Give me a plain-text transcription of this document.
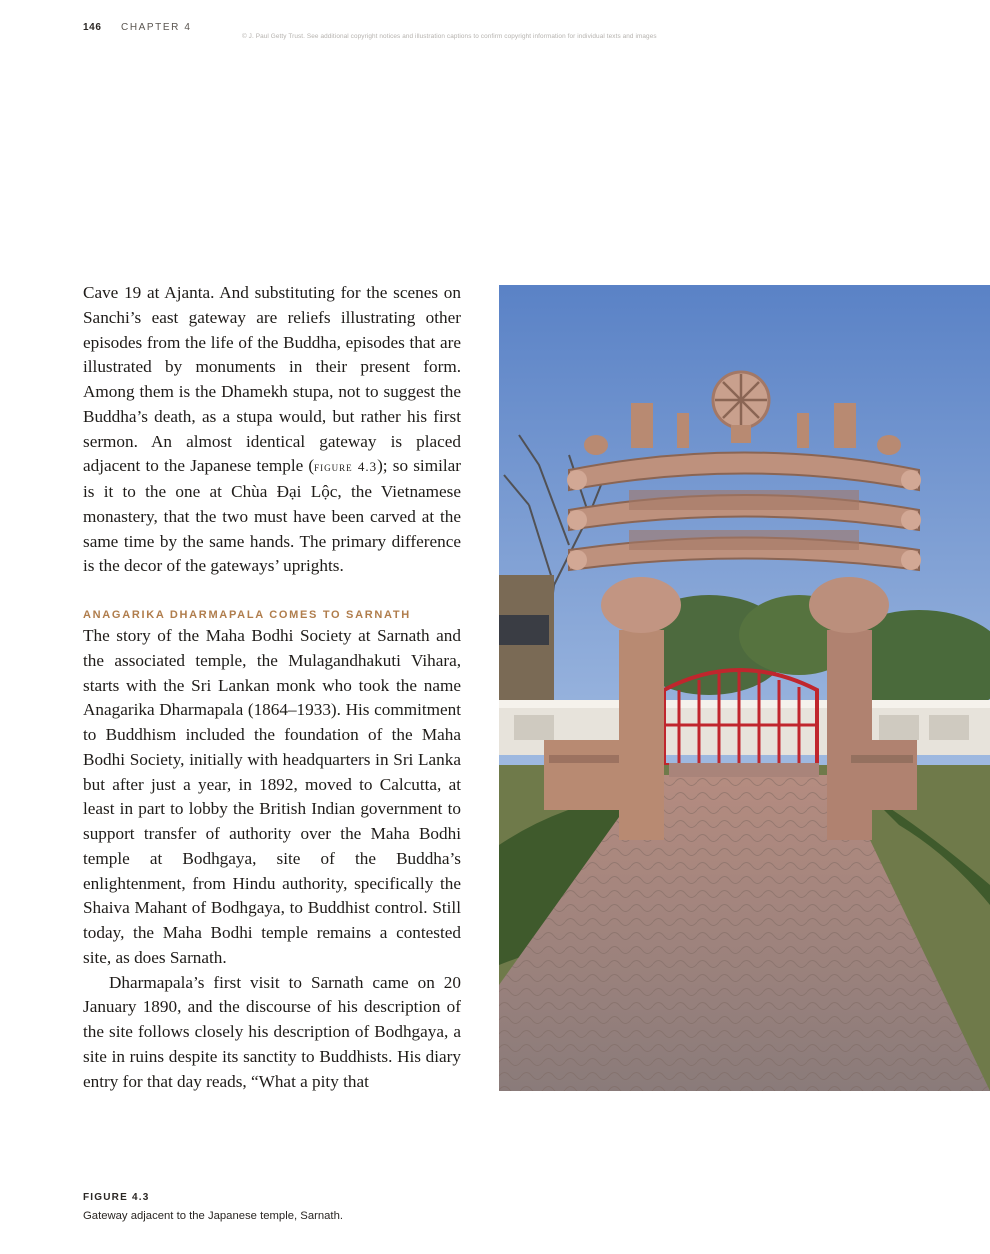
146 CHAPTER 4
© J. Paul Getty Trust. See additional copyright notices and illustration captions to confirm copyright information for individual texts and images

Cave 19 at Ajanta. And substituting for the scenes on Sanchi’s east gateway are reliefs illustrating other episodes from the life of the Buddha, episodes that are illustrated by monuments in their present form. Among them is the Dhamekh stupa, not to suggest the Buddha’s death, as a stupa would, but rather his first sermon. An almost identical gateway is placed adjacent to the Japanese temple (figure 4.3); so similar is it to the one at Chùa Đại Lộc, the Vietnamese monastery, that the two must have been carved at the same time by the same hands. The primary difference is the decor of the gateways’ uprights.

ANAGARIKA DHARMAPALA COMES TO SARNATH

The story of the Maha Bodhi Society at Sarnath and the associated temple, the Mulagandhakuti Vihara, starts with the Sri Lankan monk who took the name Anagarika Dharmapala (1864–1933). His commitment to Buddhism included the foundation of the Maha Bodhi Society, initially with headquarters in Sri Lanka but after just a year, in 1892, moved to Calcutta, at least in part to lobby the British Indian government to support transfer of authority over the Maha Bodhi temple at Bodhgaya, site of the Buddha’s enlightenment, from Hindu authority, specifically the Shaiva Mahant of Bodhgaya, to Buddhist control. Still today, the Maha Bodhi temple remains a contested site, as does Sarnath.

Dharmapala’s first visit to Sarnath came on 20 January 1890, and the discourse of his description of the site follows closely his description of Bodhgaya, a site in ruins despite its sanctity to Buddhists. His diary entry for that day reads, “What a pity that

FIGURE 4.3
Gateway adjacent to the Japanese temple, Sarnath.
